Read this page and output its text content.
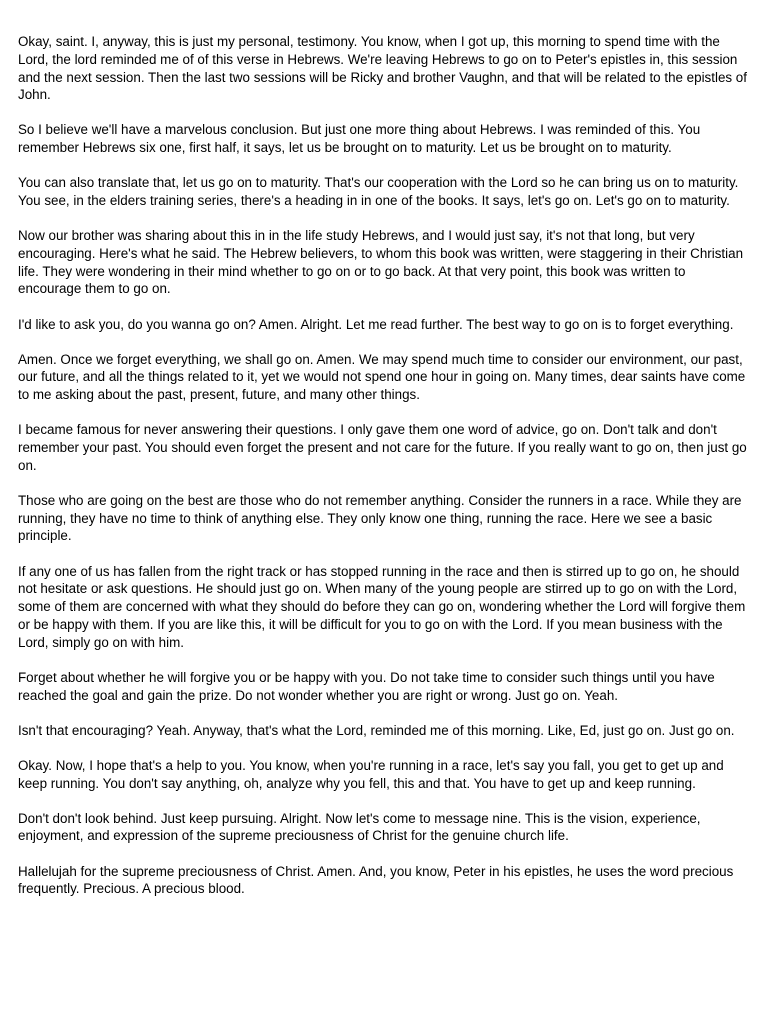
Okay, saint. I, anyway, this is just my personal, testimony. You know, when I got up, this morning to spend time with the Lord, the lord reminded me of of this verse in Hebrews. We're leaving Hebrews to go on to Peter's epistles in, this session and the next session. Then the last two sessions will be Ricky and brother Vaughn, and that will be related to the epistles of John.

So I believe we'll have a marvelous conclusion. But just one more thing about Hebrews. I was reminded of this. You remember Hebrews six one, first half, it says, let us be brought on to maturity. Let us be brought on to maturity.

You can also translate that, let us go on to maturity. That's our cooperation with the Lord so he can bring us on to maturity. You see, in the elders training series, there's a heading in in one of the books. It says, let's go on. Let's go on to maturity.

Now our brother was sharing about this in in the life study Hebrews, and I would just say, it's not that long, but very encouraging. Here's what he said. The Hebrew believers, to whom this book was written, were staggering in their Christian life. They were wondering in their mind whether to go on or to go back. At that very point, this book was written to encourage them to go on.

I'd like to ask you, do you wanna go on? Amen. Alright. Let me read further. The best way to go on is to forget everything.

Amen. Once we forget everything, we shall go on. Amen. We may spend much time to consider our environment, our past, our future, and all the things related to it, yet we would not spend one hour in going on. Many times, dear saints have come to me asking about the past, present, future, and many other things.

I became famous for never answering their questions. I only gave them one word of advice, go on. Don't talk and don't remember your past. You should even forget the present and not care for the future. If you really want to go on, then just go on.

Those who are going on the best are those who do not remember anything. Consider the runners in a race. While they are running, they have no time to think of anything else. They only know one thing, running the race. Here we see a basic principle.

If any one of us has fallen from the right track or has stopped running in the race and then is stirred up to go on, he should not hesitate or ask questions. He should just go on. When many of the young people are stirred up to go on with the Lord, some of them are concerned with what they should do before they can go on, wondering whether the Lord will forgive them or be happy with them. If you are like this, it will be difficult for you to go on with the Lord. If you mean business with the Lord, simply go on with him.

Forget about whether he will forgive you or be happy with you. Do not take time to consider such things until you have reached the goal and gain the prize. Do not wonder whether you are right or wrong. Just go on. Yeah.

Isn't that encouraging? Yeah. Anyway, that's what the Lord, reminded me of this morning. Like, Ed, just go on. Just go on.

Okay. Now, I hope that's a help to you. You know, when you're running in a race, let's say you fall, you get to get up and keep running. You don't say anything, oh, analyze why you fell, this and that. You have to get up and keep running.

Don't don't look behind. Just keep pursuing. Alright. Now let's come to message nine. This is the vision, experience, enjoyment, and expression of the supreme preciousness of Christ for the genuine church life.

Hallelujah for the supreme preciousness of Christ. Amen. And, you know, Peter in his epistles, he uses the word precious frequently. Precious. A precious blood.
